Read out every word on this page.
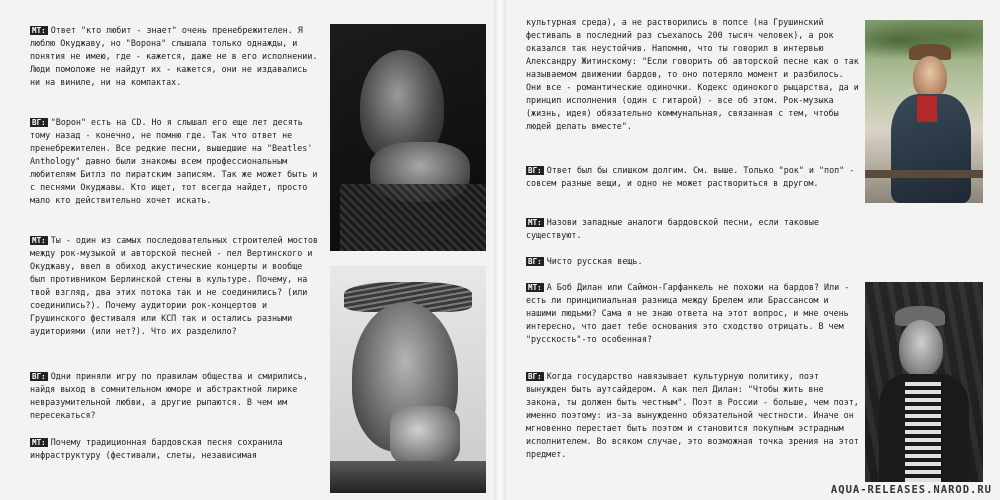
МТ: Ответ "кто любит - знает" очень пренебрежителен. Я люблю Окуджаву, но "Ворона" слышала только однажды, и понятия не имею, где - кажется, даже не в его исполнении. Люди помоложе не найдут их - кажется, они не издавались ни на виниле, ни на компактах.

ВГ: "Ворон" есть на CD. Но я слышал его еще лет десять тому назад - конечно, не помню где. Так что ответ не пренебрежителен. Все редкие песни, вышедшие на "Beatles' Anthology" давно были знакомы всем профессиональным любителям Битлз по пиратским записям. Так же может быть и с песнями Окуджавы. Кто ищет, тот всегда найдет, просто мало кто действительно хочет искать.

МТ: Ты - один из самых последовательных строителей мостов между рок-музыкой и авторской песней - пел Вертинского и Окуджаву, ввел в обиход акустические концерты и вообще был противником Берлинской стены в культуре. Почему, на твой взгляд, два этих потока так и не соединились? (или соединились?). Почему аудитории рок-концертов и Грушинского фестиваля или КСП так и остались разными аудиториями (или нет?). Что их разделило?

ВГ: Одни приняли игру по правилам общества и смирились, найдя выход в сомнительном юморе и абстрактной лирике невразумительной любви, а другие рыпаются. В чем им пересекаться?

МТ: Почему традиционная бардовская песня сохранила инфраструктуру (фестивали, слеты, независимая

культурная среда), а не растворились в попсе (на Грушинский фестиваль в последний раз съехалось 200 тысяч человек), а рок оказался так неустойчив. Напомню, что ты говорил в интервью Александру Житинскому: "Если говорить об авторской песне как о так называемом движении бардов, то оно потеряло момент и разбилось. Они все - романтические одиночки. Кодекс одинокого рыцарства, да и принцип исполнения (один с гитарой) - все об этом. Рок-музыка (жизнь, идея) обязательно коммунальная, связанная с тем, чтобы людей делать вместе".

ВГ: Ответ был бы слишком долгим. См. выше. Только "рок" и "поп" - совсем разные вещи, и одно не может раствориться в другом.

МТ: Назови западные аналоги бардовской песни, если таковые существуют.

ВГ: Чисто русская вещь.

МТ: А Боб Дилан или Саймон-Гарфанкель не похожи на бардов? Или - есть ли принципиальная разница между Брелем или Брассансом и нашими людьми? Сама я не знаю ответа на этот вопрос, и мне очень интересно, что дает тебе основания это сходство отрицать. В чем "русскость"-то особенная?

ВГ: Когда государство навязывает культурную политику, поэт вынужден быть аутсайдером. А как пел Дилан: "Чтобы жить вне закона, ты должен быть честным". Поэт в России - больше, чем поэт, именно поэтому: из-за вынужденно обязательной честности. Иначе он мгновенно перестает быть поэтом и становится покупным эстрадным исполнителем. Во всяком случае, это возможная точка зрения на этот предмет.

AQUA-RELEASES.NAROD.RU
